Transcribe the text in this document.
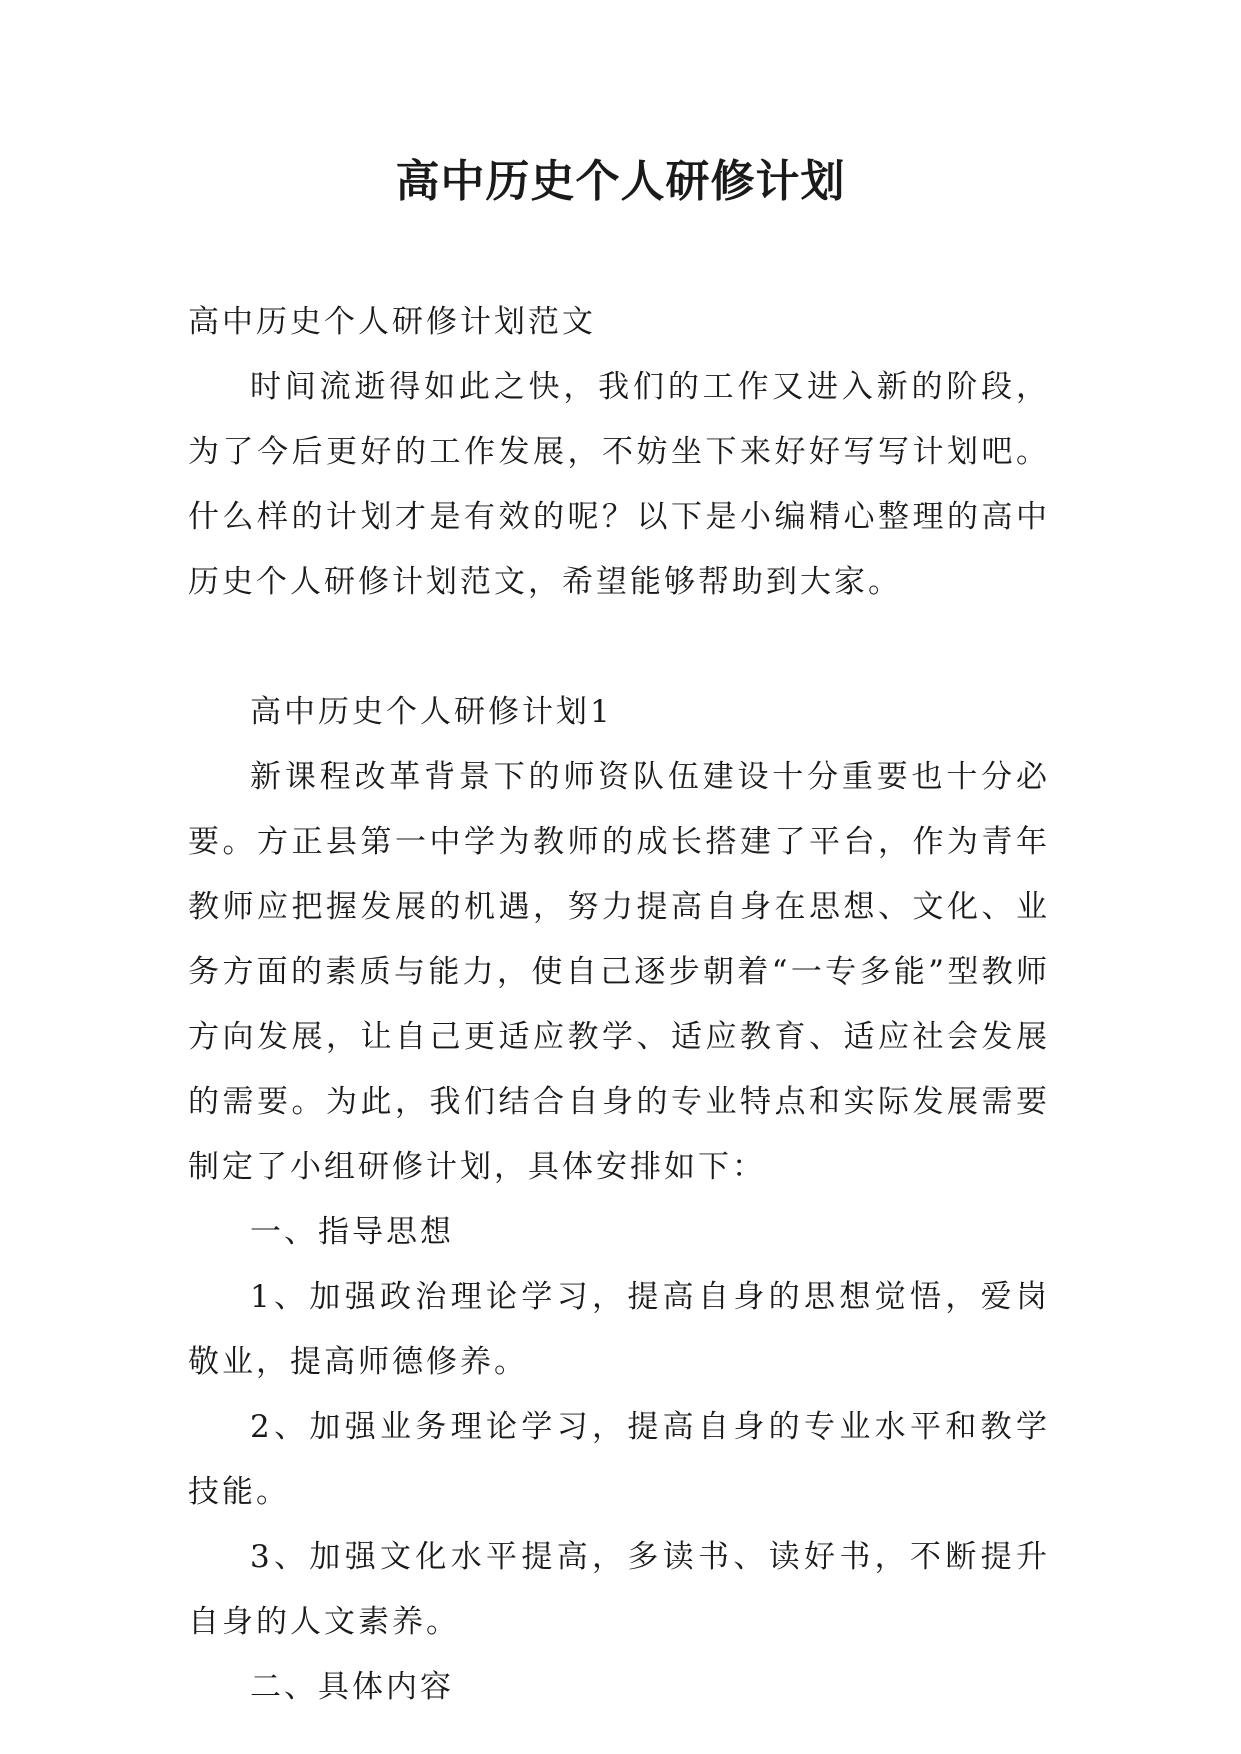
高中历史个人研修计划

高中历史个人研修计划范文

时间流逝得如此之快，我们的工作又进入新的阶段，为了今后更好的工作发展，不妨坐下来好好写写计划吧。什么样的计划才是有效的呢？以下是小编精心整理的高中历史个人研修计划范文，希望能够帮助到大家。

高中历史个人研修计划1

新课程改革背景下的师资队伍建设十分重要也十分必要。方正县第一中学为教师的成长搭建了平台，作为青年教师应把握发展的机遇，努力提高自身在思想、文化、业务方面的素质与能力，使自己逐步朝着“一专多能”型教师方向发展，让自己更适应教学、适应教育、适应社会发展的需要。为此，我们结合自身的专业特点和实际发展需要制定了小组研修计划，具体安排如下：

一、指导思想

1、加强政治理论学习，提高自身的思想觉悟，爱岗敬业，提高师德修养。

2、加强业务理论学习，提高自身的专业水平和教学技能。

3、加强文化水平提高，多读书、读好书，不断提升自身的人文素养。

二、具体内容
